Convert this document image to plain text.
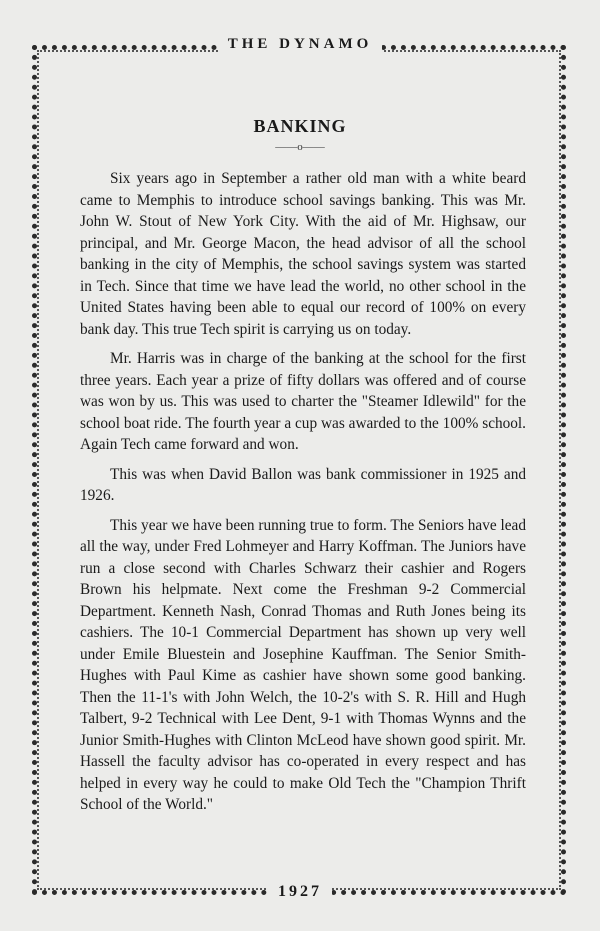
THE DYNAMO
BANKING
——o——

Six years ago in September a rather old man with a white beard came to Memphis to introduce school savings banking. This was Mr. John W. Stout of New York City. With the aid of Mr. Highsaw, our principal, and Mr. George Macon, the head advisor of all the school banking in the city of Memphis, the school savings system was started in Tech. Since that time we have lead the world, no other school in the United States having been able to equal our record of 100% on every bank day. This true Tech spirit is carrying us on today.

Mr. Harris was in charge of the banking at the school for the first three years. Each year a prize of fifty dollars was offered and of course was won by us. This was used to charter the "Steamer Idlewild" for the school boat ride. The fourth year a cup was awarded to the 100% school. Again Tech came forward and won.

This was when David Ballon was bank commissioner in 1925 and 1926.

This year we have been running true to form. The Seniors have lead all the way, under Fred Lohmeyer and Harry Koffman. The Juniors have run a close second with Charles Schwarz their cashier and Rogers Brown his helpmate. Next come the Freshman 9-2 Commercial Department. Kenneth Nash, Conrad Thomas and Ruth Jones being its cashiers. The 10-1 Commercial Department has shown up very well under Emile Bluestein and Josephine Kauffman. The Senior Smith-Hughes with Paul Kime as cashier have shown some good banking. Then the 11-1's with John Welch, the 10-2's with S. R. Hill and Hugh Talbert, 9-2 Technical with Lee Dent, 9-1 with Thomas Wynns and the Junior Smith-Hughes with Clinton McLeod have shown good spirit. Mr. Hassell the faculty advisor has co-operated in every respect and has helped in every way he could to make Old Tech the "Champion Thrift School of the World."

1927
